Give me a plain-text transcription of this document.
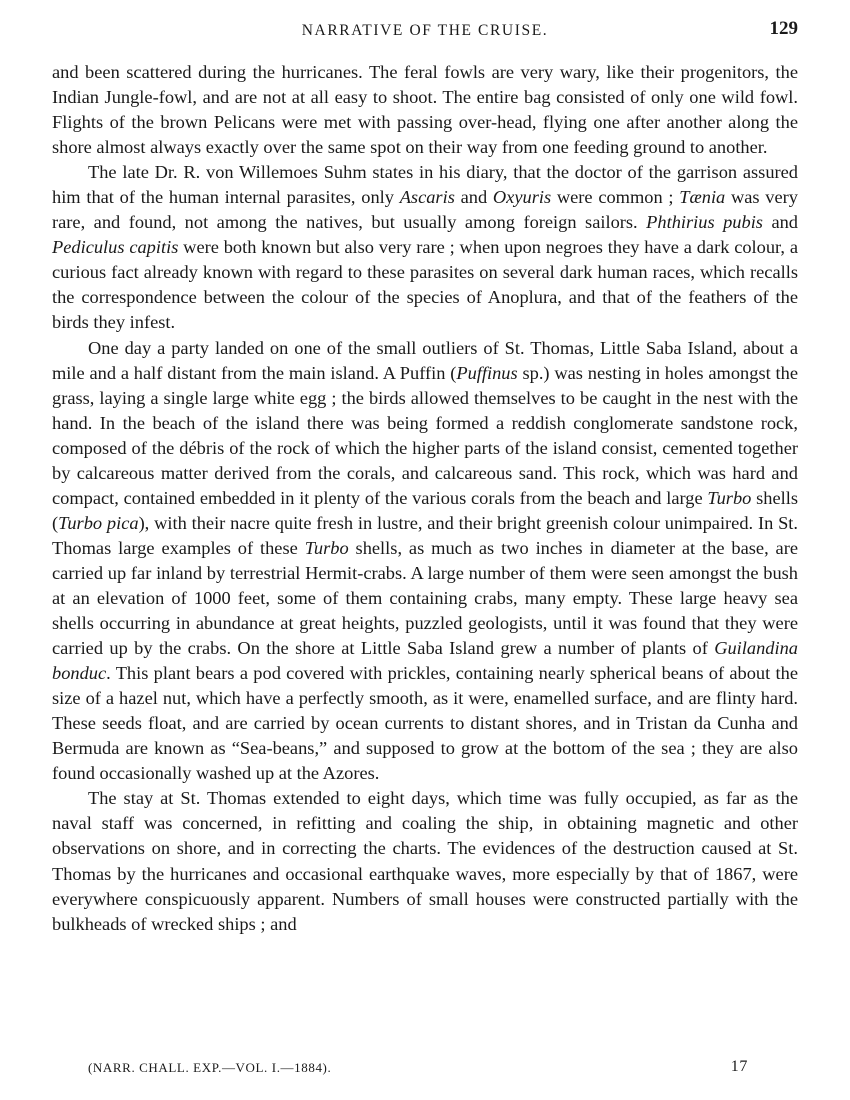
NARRATIVE OF THE CRUISE.	129

and been scattered during the hurricanes. The feral fowls are very wary, like their progenitors, the Indian Jungle-fowl, and are not at all easy to shoot. The entire bag consisted of only one wild fowl. Flights of the brown Pelicans were met with passing over-head, flying one after another along the shore almost always exactly over the same spot on their way from one feeding ground to another.

The late Dr. R. von Willemoes Suhm states in his diary, that the doctor of the garrison assured him that of the human internal parasites, only Ascaris and Oxyuris were common ; Tænia was very rare, and found, not among the natives, but usually among foreign sailors. Phthirius pubis and Pediculus capitis were both known but also very rare ; when upon negroes they have a dark colour, a curious fact already known with regard to these parasites on several dark human races, which recalls the correspondence between the colour of the species of Anoplura, and that of the feathers of the birds they infest.

One day a party landed on one of the small outliers of St. Thomas, Little Saba Island, about a mile and a half distant from the main island. A Puffin (Puffinus sp.) was nesting in holes amongst the grass, laying a single large white egg ; the birds allowed themselves to be caught in the nest with the hand. In the beach of the island there was being formed a reddish conglomerate sandstone rock, composed of the débris of the rock of which the higher parts of the island consist, cemented together by calcareous matter derived from the corals, and calcareous sand. This rock, which was hard and compact, contained embedded in it plenty of the various corals from the beach and large Turbo shells (Turbo pica), with their nacre quite fresh in lustre, and their bright greenish colour unimpaired. In St. Thomas large examples of these Turbo shells, as much as two inches in diameter at the base, are carried up far inland by terrestrial Hermit-crabs. A large number of them were seen amongst the bush at an elevation of 1000 feet, some of them containing crabs, many empty. These large heavy sea shells occurring in abundance at great heights, puzzled geologists, until it was found that they were carried up by the crabs. On the shore at Little Saba Island grew a number of plants of Guilandina bonduc. This plant bears a pod covered with prickles, containing nearly spherical beans of about the size of a hazel nut, which have a perfectly smooth, as it were, enamelled surface, and are flinty hard. These seeds float, and are carried by ocean currents to distant shores, and in Tristan da Cunha and Bermuda are known as “Sea-beans,” and supposed to grow at the bottom of the sea ; they are also found occasionally washed up at the Azores.

The stay at St. Thomas extended to eight days, which time was fully occupied, as far as the naval staff was concerned, in refitting and coaling the ship, in obtaining magnetic and other observations on shore, and in correcting the charts. The evidences of the destruction caused at St. Thomas by the hurricanes and occasional earthquake waves, more especially by that of 1867, were everywhere conspicuously apparent. Numbers of small houses were constructed partially with the bulkheads of wrecked ships ; and

(NARR. CHALL. EXP.—VOL. I.—1884).	17
